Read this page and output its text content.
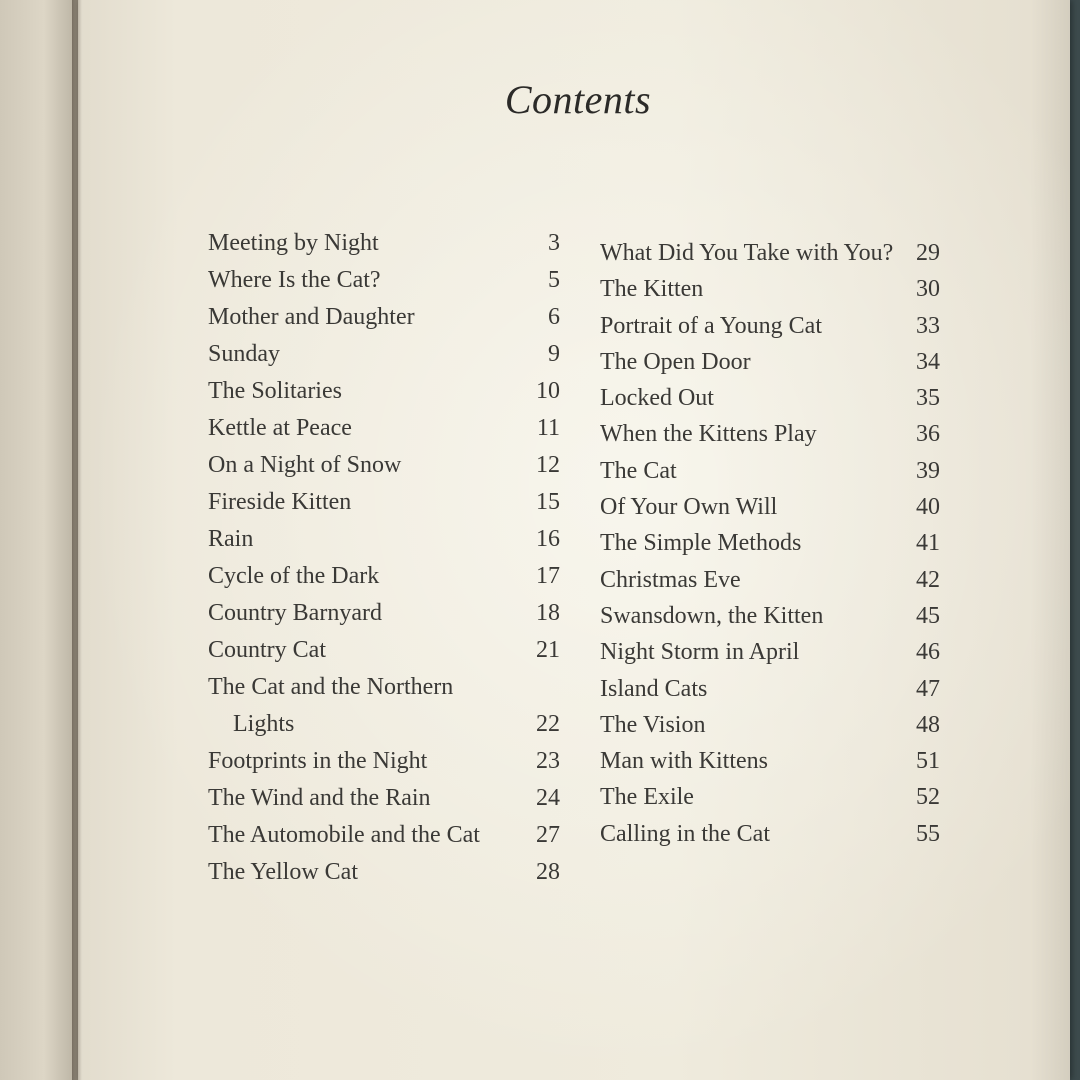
Contents
Meeting by Night	3
Where Is the Cat?	5
Mother and Daughter	6
Sunday	9
The Solitaries	10
Kettle at Peace	11
On a Night of Snow	12
Fireside Kitten	15
Rain	16
Cycle of the Dark	17
Country Barnyard	18
Country Cat	21
The Cat and the Northern
Lights	22
Footprints in the Night	23
The Wind and the Rain	24
The Automobile and the Cat 27
The Yellow Cat	28
What Did You Take with You? 29
The Kitten	30
Portrait of a Young Cat	33
The Open Door	34
Locked Out	35
When the Kittens Play	36
The Cat	39
Of Your Own Will	40
The Simple Methods	41
Christmas Eve	42
Swansdown, the Kitten	45
Night Storm in April	46
Island Cats	47
The Vision	48
Man with Kittens	51
The Exile	52
Calling in the Cat	55
